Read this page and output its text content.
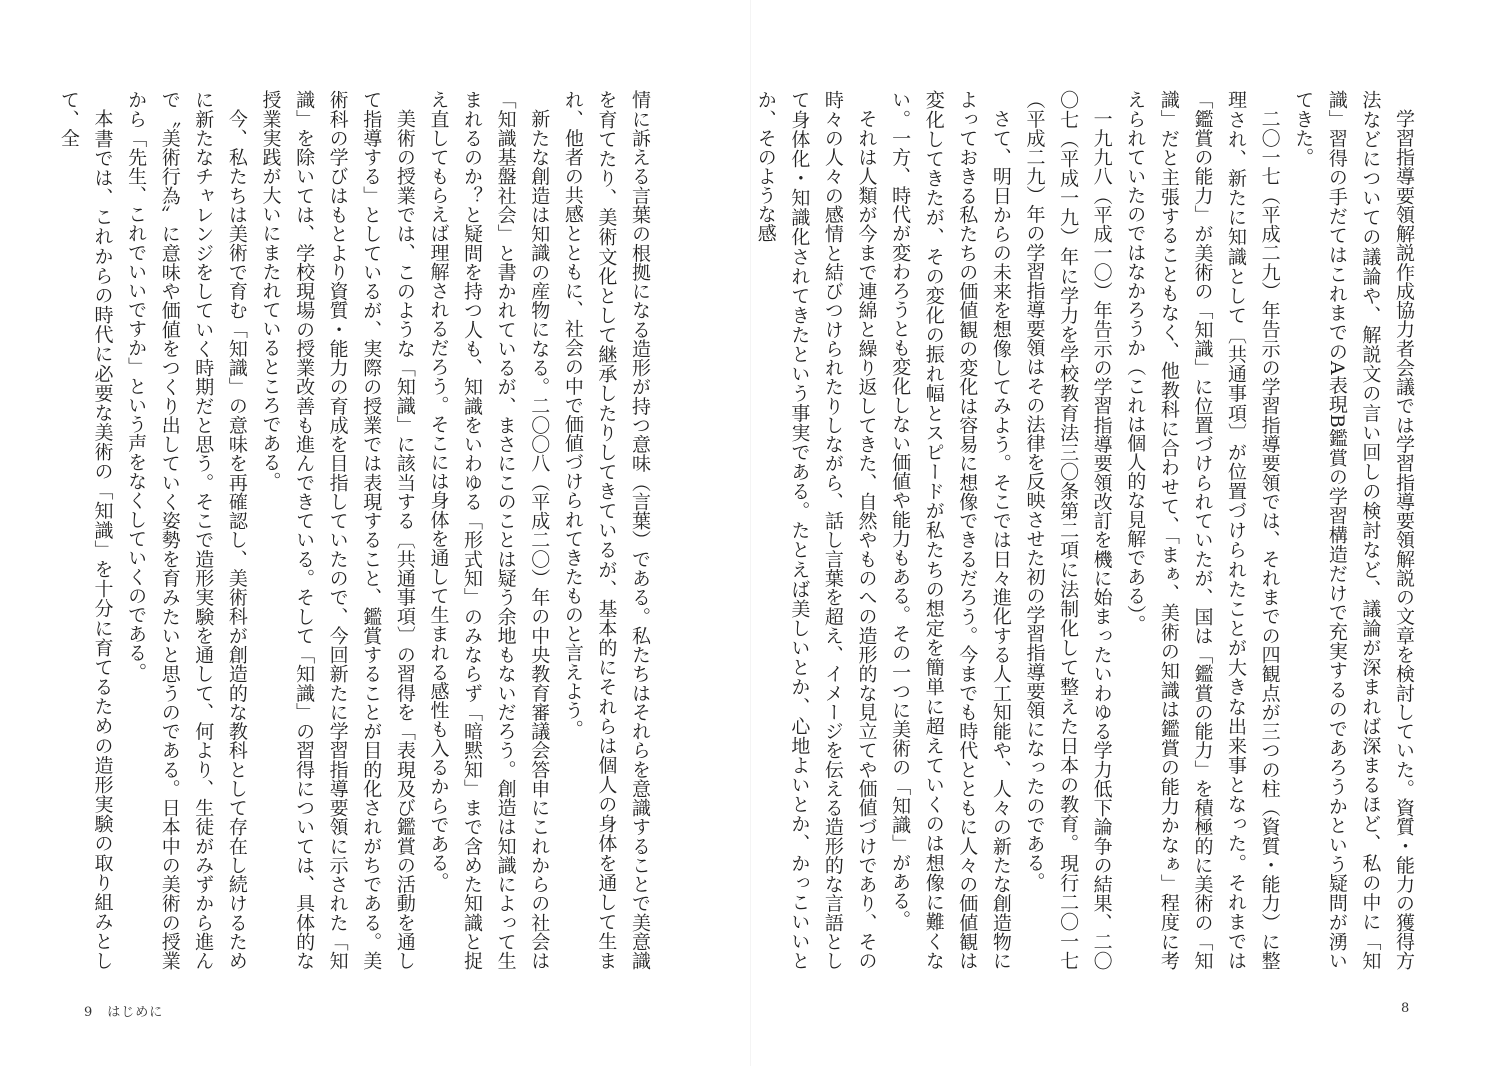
学習指導要領解説作成協力者会議では学習指導要領解説の文章を検討していた。資質・能力の獲得方法などについての議論や、解説文の言い回しの検討など、議論が深まれば深まるほど、私の中に「知識」習得の手だてはこれまでのA表現B鑑賞の学習構造だけで充実するのであろうかという疑問が湧いてきた。

二〇一七（平成二九）年告示の学習指導要領では、それまでの四観点が三つの柱（資質・能力）に整理され、新たに知識として〔共通事項〕が位置づけられたことが大きな出来事となった。それまでは「鑑賞の能力」が美術の「知識」に位置づけられていたが、国は「鑑賞の能力」を積極的に美術の「知識」だと主張することもなく、他教科に合わせて、「まぁ、美術の知識は鑑賞の能力かなぁ」程度に考えられていたのではなかろうか（これは個人的な見解である）。

一九九八（平成一〇）年告示の学習指導要領改訂を機に始まったいわゆる学力低下論争の結果、二〇〇七（平成一九）年に学力を学校教育法三〇条第二項に法制化して整えた日本の教育。現行二〇一七（平成二九）年の学習指導要領はその法律を反映させた初の学習指導要領になったのである。

さて、明日からの未来を想像してみよう。そこでは日々進化する人工知能や、人々の新たな創造物によっておきる私たちの価値観の変化は容易に想像できるだろう。今までも時代とともに人々の価値観は変化してきたが、その変化の振れ幅とスピードが私たちの想定を簡単に超えていくのは想像に難くない。一方、時代が変わろうとも変化しない価値や能力もある。その一つに美術の「知識」がある。

それは人類が今まで連綿と繰り返してきた、自然やものへの造形的な見立てや価値づけであり、その時々の人々の感情と結びつけられたりしながら、話し言葉を超え、イメージを伝える造形的な言語として身体化・知識化されてきたという事実である。たとえば美しいとか、心地よいとか、かっこいいとか、そのような感

8

情に訴える言葉の根拠になる造形が持つ意味（言葉）である。私たちはそれらを意識することで美意識を育てたり、美術文化として継承したりしてきているが、基本的にそれらは個人の身体を通して生まれ、他者の共感とともに、社会の中で価値づけられてきたものと言えよう。

新たな創造は知識の産物になる。二〇〇八（平成二〇）年の中央教育審議会答申にこれからの社会は「知識基盤社会」と書かれているが、まさにこのことは疑う余地もないだろう。創造は知識によって生まれるのか？と疑問を持つ人も、知識をいわゆる「形式知」のみならず「暗黙知」まで含めた知識と捉え直してもらえば理解されるだろう。そこには身体を通して生まれる感性も入るからである。

美術の授業では、このような「知識」に該当する〔共通事項〕の習得を「表現及び鑑賞の活動を通して指導する」としているが、実際の授業では表現すること、鑑賞することが目的化されがちである。美術科の学びはもとより資質・能力の育成を目指していたので、今回新たに学習指導要領に示された「知識」を除いては、学校現場の授業改善も進んできている。そして「知識」の習得については、具体的な授業実践が大いにまたれているところである。

今、私たちは美術で育む「知識」の意味を再確認し、美術科が創造的な教科として存在し続けるために新たなチャレンジをしていく時期だと思う。そこで造形実験を通して、何より、生徒がみずから進んで〝美術行為〟に意味や価値をつくり出していく姿勢を育みたいと思うのである。日本中の美術の授業から「先生、これでいいですか」という声をなくしていくのである。

本書では、これからの時代に必要な美術の「知識」を十分に育てるための造形実験の取り組みとして、全

9 はじめに
